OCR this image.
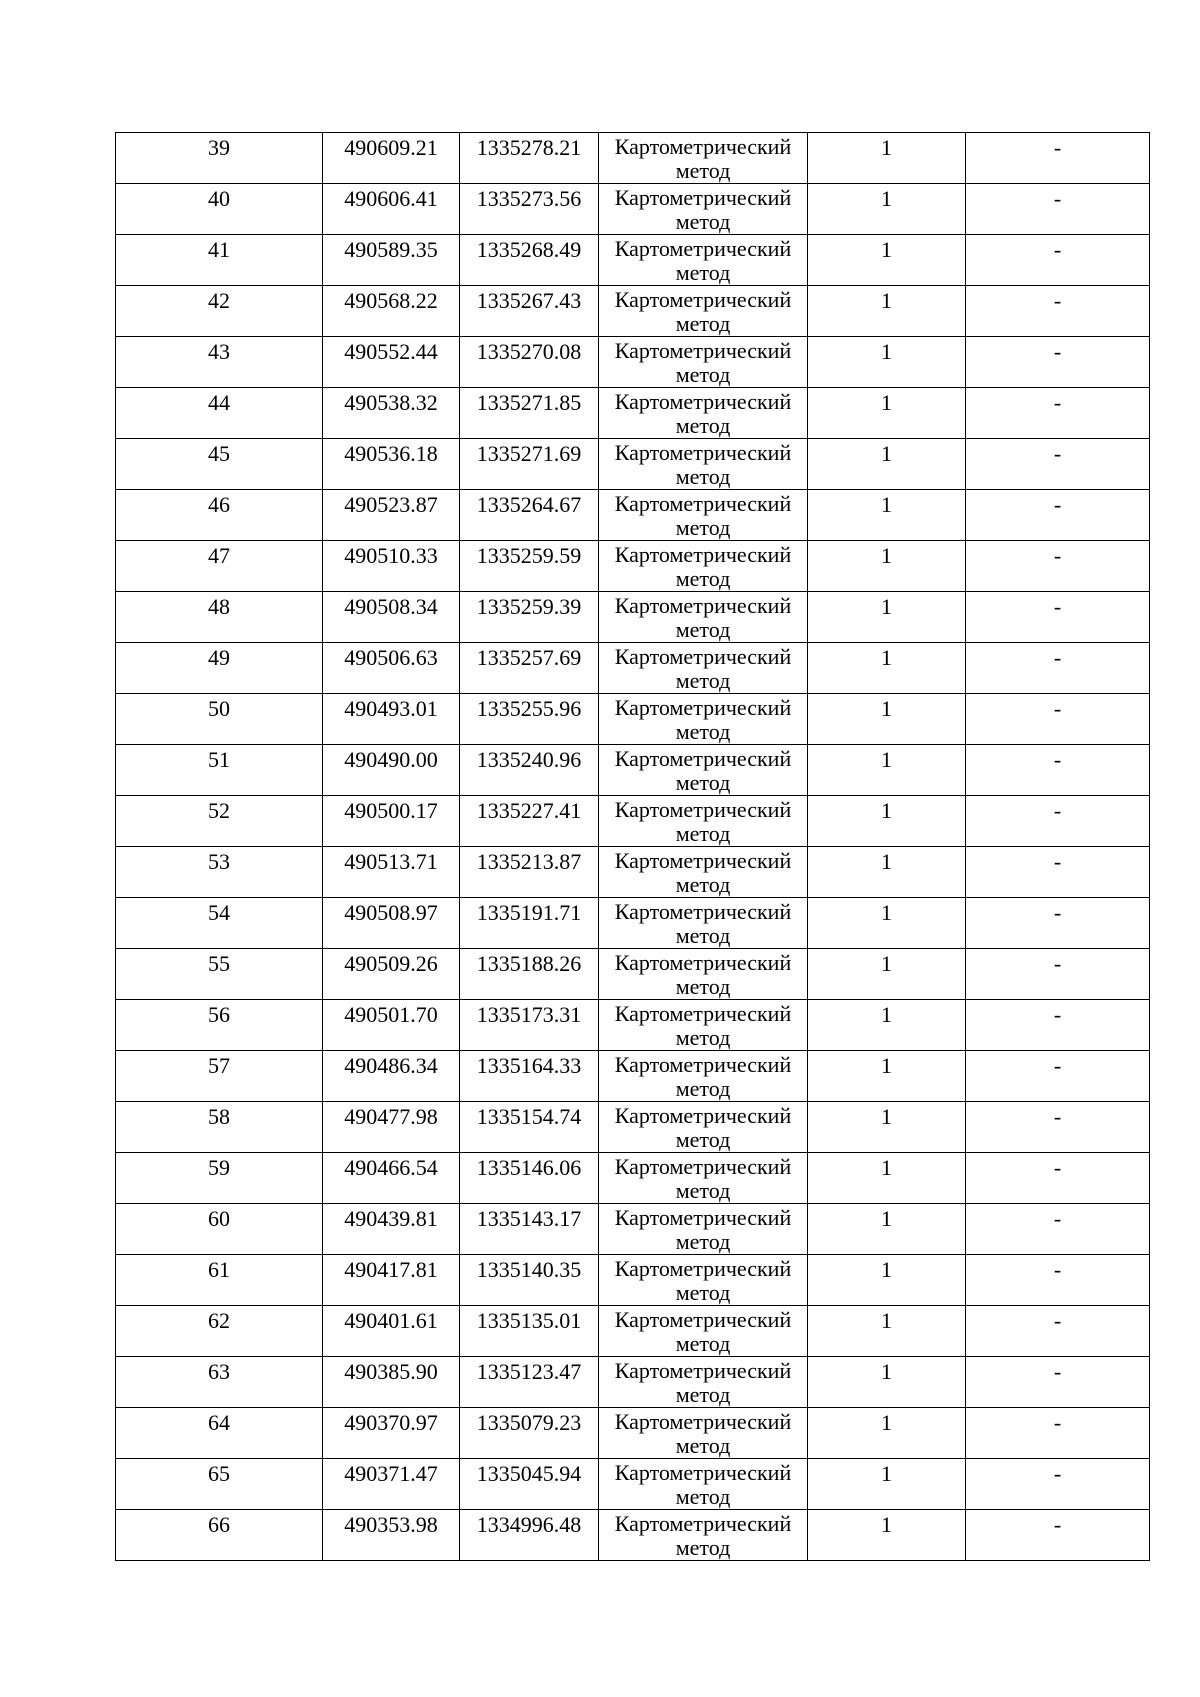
39	490609.21	1335278.21	Картометрический метод	1	-

40	490606.41	1335273.56	Картометрический метод	1	-

41	490589.35	1335268.49	Картометрический метод	1	-

42	490568.22	1335267.43	Картометрический метод	1	-

43	490552.44	1335270.08	Картометрический метод	1	-

44	490538.32	1335271.85	Картометрический метод	1	-

45	490536.18	1335271.69	Картометрический метод	1	-

46	490523.87	1335264.67	Картометрический метод	1	-

47	490510.33	1335259.59	Картометрический метод	1	-

48	490508.34	1335259.39	Картометрический метод	1	-

49	490506.63	1335257.69	Картометрический метод	1	-

50	490493.01	1335255.96	Картометрический метод	1	-

51	490490.00	1335240.96	Картометрический метод	1	-

52	490500.17	1335227.41	Картометрический метод	1	-

53	490513.71	1335213.87	Картометрический метод	1	-

54	490508.97	1335191.71	Картометрический метод	1	-

55	490509.26	1335188.26	Картометрический метод	1	-

56	490501.70	1335173.31	Картометрический метод	1	-

57	490486.34	1335164.33	Картометрический метод	1	-

58	490477.98	1335154.74	Картометрический метод	1	-

59	490466.54	1335146.06	Картометрический метод	1	-

60	490439.81	1335143.17	Картометрический метод	1	-

61	490417.81	1335140.35	Картометрический метод	1	-

62	490401.61	1335135.01	Картометрический метод	1	-

63	490385.90	1335123.47	Картометрический метод	1	-

64	490370.97	1335079.23	Картометрический метод	1	-

65	490371.47	1335045.94	Картометрический метод	1	-

66	490353.98	1334996.48	Картометрический метод	1	-
